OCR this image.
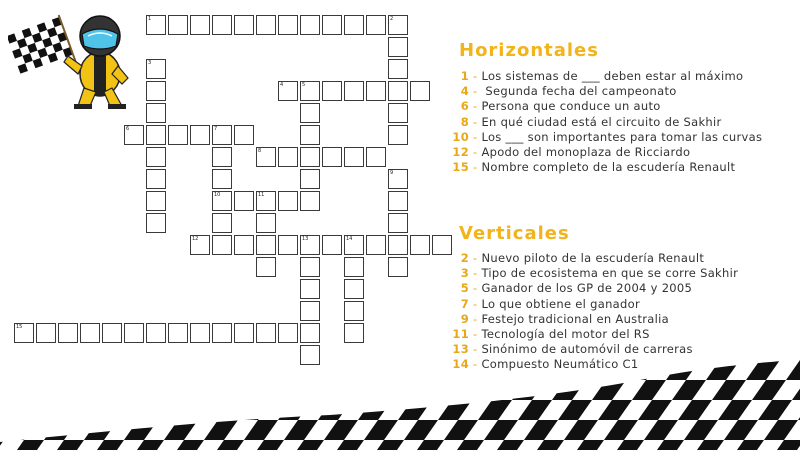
1	2
3
4	5
6	7
10
8
9
11
12	13	14
15
Horizontales
1 - Los sistemas de ___ deben estar al máximo
4 - Segunda fecha del campeonato
6 - Persona que conduce un auto
8 - En qué ciudad está el circuito de Sakhir
10 - Los ___ son importantes para tomar las curvas
12 - Apodo del monoplaza de Ricciardo
15 - Nombre completo de la escudería Renault
Verticales
2 - Nuevo piloto de la escudería Renault
3 - Tipo de ecosistema en que se corre Sakhir
5 - Ganador de los GP de 2004 y 2005
7 - Lo que obtiene el ganador
9 - Festejo tradicional en Australia
11 - Tecnología del motor del RS
13 - Sinónimo de automóvil de carreras
14 - Compuesto Neumático C1
